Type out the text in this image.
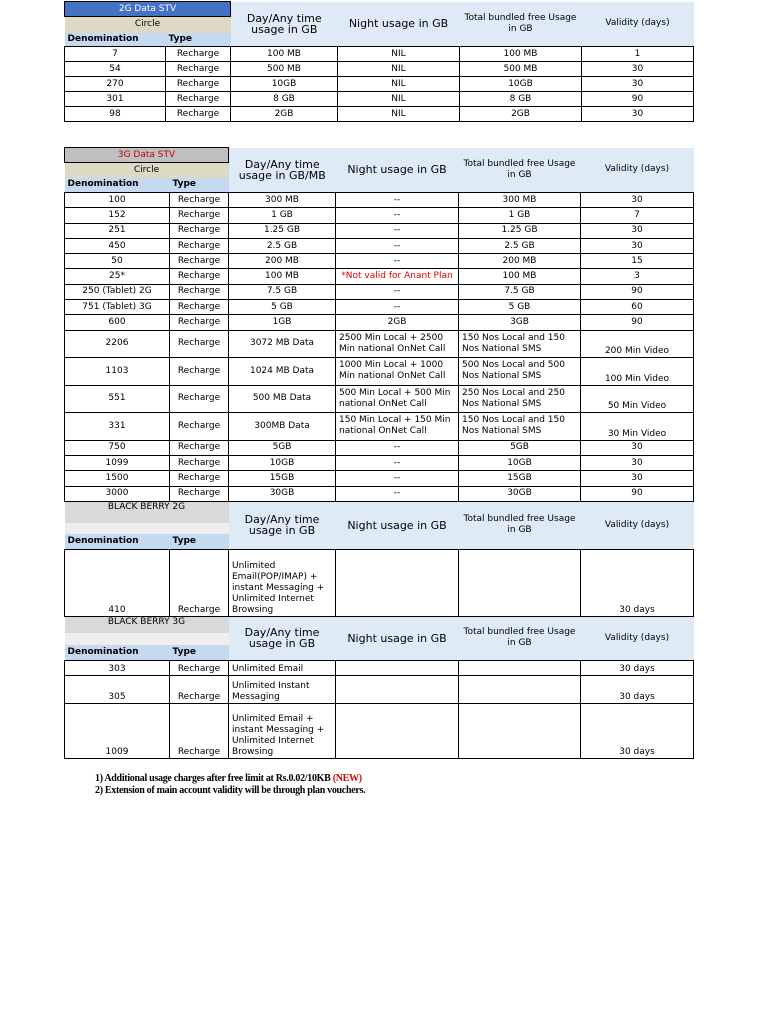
2G Data STV		Day/Any time usage in GB	Night usage in GB	Total bundled free Usage in GB	Validity (days)
Circle					
Denomination	Type				
7	Recharge	100 MB	NIL	100 MB	1
54	Recharge	500 MB	NIL	500 MB	30
270	Recharge	10GB	NIL	10GB	30
301	Recharge	8 GB	NIL	8 GB	90
98	Recharge	2GB	NIL	2GB	30
3G Data STV		Day/Any time usage in GB/MB	Night usage in GB	Total bundled free Usage in GB	Validity (days)
Circle					
Denomination	Type				
100	Recharge	300 MB	--	300 MB	30
152	Recharge	1 GB	--	1 GB	7
251	Recharge	1.25 GB	--	1.25 GB	30
450	Recharge	2.5 GB	--	2.5 GB	30
50	Recharge	200 MB	--	200 MB	15
25*	Recharge	100 MB	*Not valid for Anant Plan	100 MB	3
250 (Tablet) 2G	Recharge	7.5 GB	--	7.5 GB	90
751 (Tablet) 3G	Recharge	5 GB	--	5 GB	60
600	Recharge	1GB	2GB	3GB	90
2206	Recharge	3072 MB Data	2500 Min Local + 2500 Min national OnNet Call	150 Nos Local and 150 Nos National SMS	200 Min Video
1103	Recharge	1024 MB Data	1000 Min Local + 1000 Min national OnNet Call	500 Nos Local and 500 Nos National SMS	100 Min Video
551	Recharge	500 MB Data	500 Min Local + 500 Min national OnNet Call	250 Nos Local and 250 Nos National SMS	50 Min Video
331	Recharge	300MB Data	150 Min Local + 150 Min national OnNet Call	150 Nos Local and 150 Nos National SMS	30 Min Video
750	Recharge	5GB	--	5GB	30
1099	Recharge	10GB	--	10GB	30
1500	Recharge	15GB	--	15GB	30
3000	Recharge	30GB	--	30GB	90
BLACK BERRY 2G		Day/Any time usage in GB	Night usage in GB	Total bundled free Usage in GB	Validity (days)

Denomination	Type				
410	Recharge	Unlimited Email(POP/IMAP) + instant Messaging + Unlimited Internet Browsing			30 days
BLACK BERRY 3G		Day/Any time usage in GB	Night usage in GB	Total bundled free Usage in GB	Validity (days)

Denomination	Type				
303	Recharge	Unlimited Email			30 days
305	Recharge	Unlimited Instant Messaging			30 days
1009	Recharge	Unlimited Email + instant Messaging + Unlimited Internet Browsing			30 days
1) Additional usage charges after free limit at Rs.0.02/10KB (NEW)
2) Extension of main account validity will be through plan vouchers.
